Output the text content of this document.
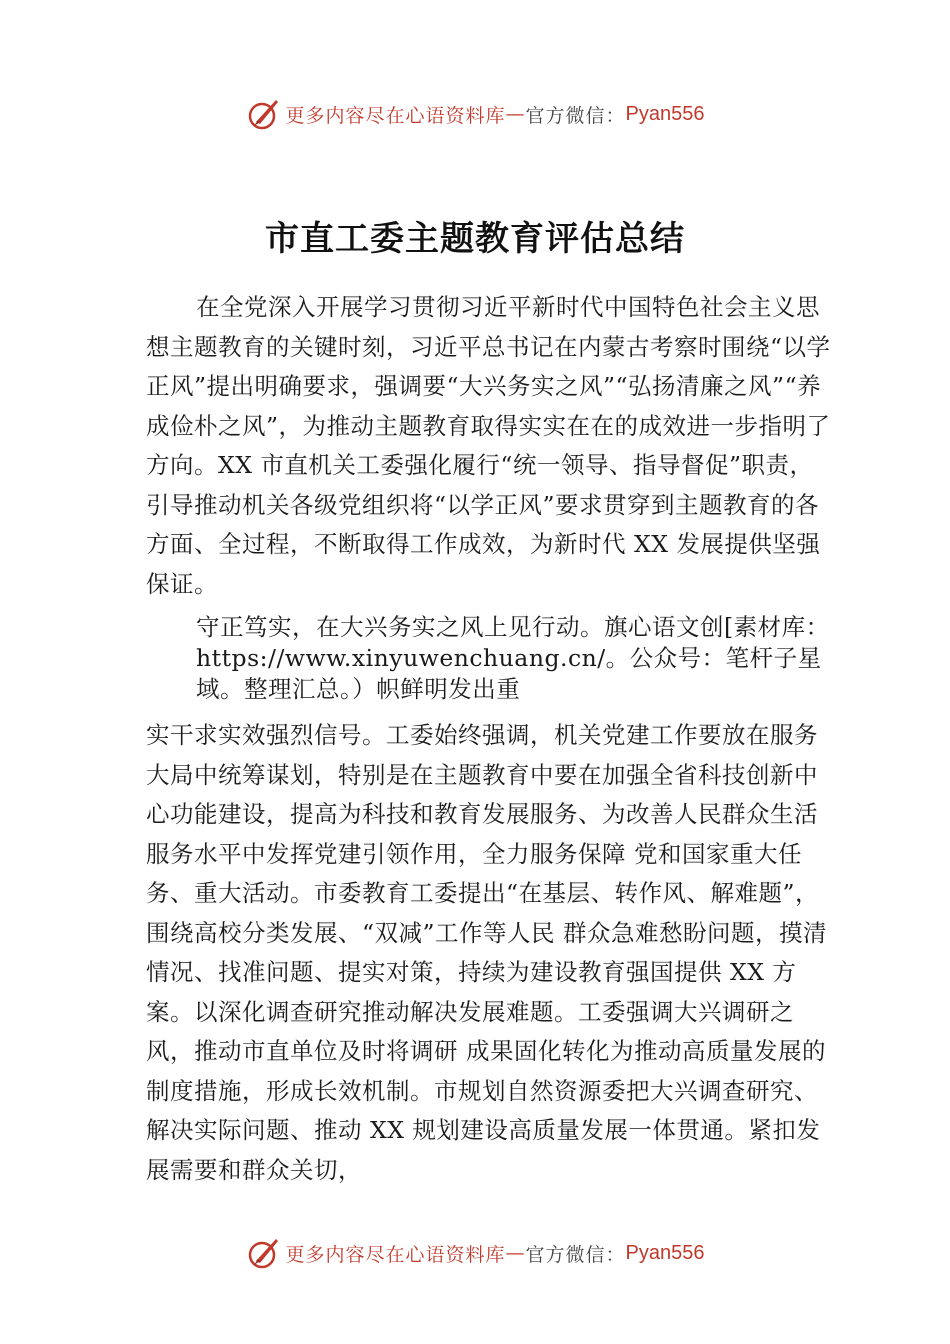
更多内容尽在心语资料库 — 官方微信： Pyan556
市直工委主题教育评估总结

在全党深入开展学习贯彻习近平新时代中国特色社会主义思想主题教育的关键时刻，习近平总书记在内蒙古考察时围绕“以学正风”提出明确要求，强调要“大兴务实之风”“弘扬清廉之风”“养成俭朴之风”，为推动主题教育取得实实在在的成效进一步指明了方向。XX 市直机关工委强化履行“统一领导、指导督促”职责，引导推动机关各级党组织将“以学正风”要求贯穿到主题教育的各方面、全过程，不断取得工作成效，为新时代 XX 发展提供坚强保证。

守正笃实，在大兴务实之风上见行动。旗心语文创[素材库：https://www.xinyuwenchuang.cn/。公众号：笔杆子星域。整理汇总。）帜鲜明发出重

实干求实效强烈信号。工委始终强调，机关党建工作要放在服务大局中统筹谋划，特别是在主题教育中要在加强全省科技创新中心功能建设，提高为科技和教育发展服务、为改善人民群众生活服务水平中发挥党建引领作用，全力服务保障 党和国家重大任务、重大活动。市委教育工委提出“在基层、转作风、解难题”，围绕高校分类发展、“双减”工作等人民 群众急难愁盼问题，摸清情况、找准问题、提实对策，持续为建设教育强国提供 XX 方案。以深化调查研究推动解决发展难题。工委强调大兴调研之风，推动市直单位及时将调研 成果固化转化为推动高质量发展的制度措施，形成长效机制。市规划自然资源委把大兴调查研究、解决实际问题、推动 XX 规划建设高质量发展一体贯通。紧扣发展需要和群众关切，

更多内容尽在心语资料库 — 官方微信： Pyan556
